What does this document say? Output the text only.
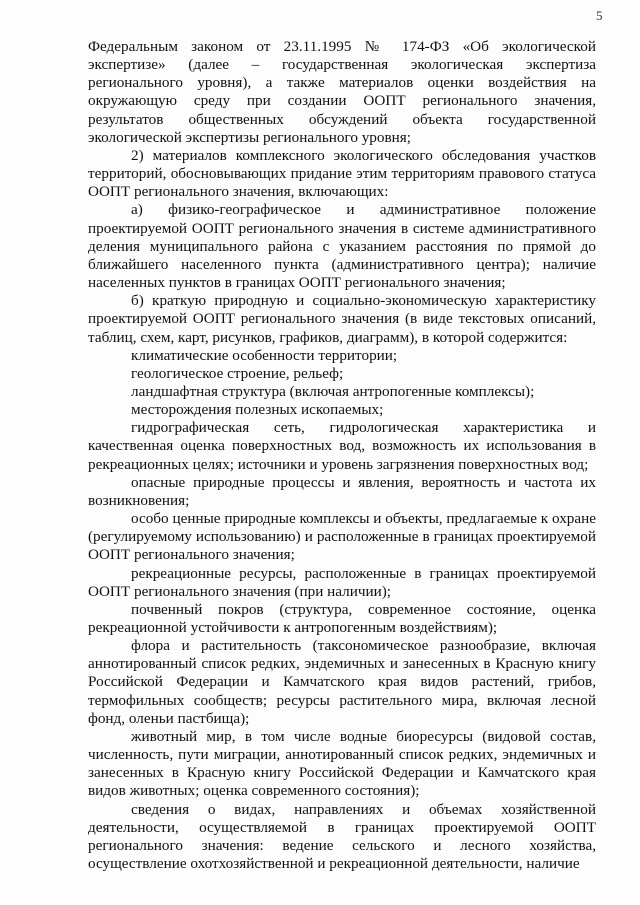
5

Федеральным законом от 23.11.1995 № 174-ФЗ «Об экологической экспертизе» (далее – государственная экологическая экспертиза регионального уровня), а также материалов оценки воздействия на окружающую среду при создании ООПТ регионального значения, результатов общественных обсуждений объекта государственной экологической экспертизы регионального уровня;

2) материалов комплексного экологического обследования участков территорий, обосновывающих придание этим территориям правового статуса ООПТ регионального значения, включающих:

а) физико-географическое и административное положение проектируемой ООПТ регионального значения в системе административного деления муниципального района с указанием расстояния по прямой до ближайшего населенного пункта (административного центра); наличие населенных пунктов в границах ООПТ регионального значения;

б) краткую природную и социально-экономическую характеристику проектируемой ООПТ регионального значения (в виде текстовых описаний, таблиц, схем, карт, рисунков, графиков, диаграмм), в которой содержится:

климатические особенности территории;

геологическое строение, рельеф;

ландшафтная структура (включая антропогенные комплексы);

месторождения полезных ископаемых;

гидрографическая сеть, гидрологическая характеристика и качественная оценка поверхностных вод, возможность их использования в рекреационных целях; источники и уровень загрязнения поверхностных вод;

опасные природные процессы и явления, вероятность и частота их возникновения;

особо ценные природные комплексы и объекты, предлагаемые к охране (регулируемому использованию) и расположенные в границах проектируемой ООПТ регионального значения;

рекреационные ресурсы, расположенные в границах проектируемой ООПТ регионального значения (при наличии);

почвенный покров (структура, современное состояние, оценка рекреационной устойчивости к антропогенным воздействиям);

флора и растительность (таксономическое разнообразие, включая аннотированный список редких, эндемичных и занесенных в Красную книгу Российской Федерации и Камчатского края видов растений, грибов, термофильных сообществ; ресурсы растительного мира, включая лесной фонд, оленьи пастбища);

животный мир, в том числе водные биоресурсы (видовой состав, численность, пути миграции, аннотированный список редких, эндемичных и занесенных в Красную книгу Российской Федерации и Камчатского края видов животных; оценка современного состояния);

сведения о видах, направлениях и объемах хозяйственной деятельности, осуществляемой в границах проектируемой ООПТ регионального значения: ведение сельского и лесного хозяйства, осуществление охотхозяйственной и рекреационной деятельности, наличие
